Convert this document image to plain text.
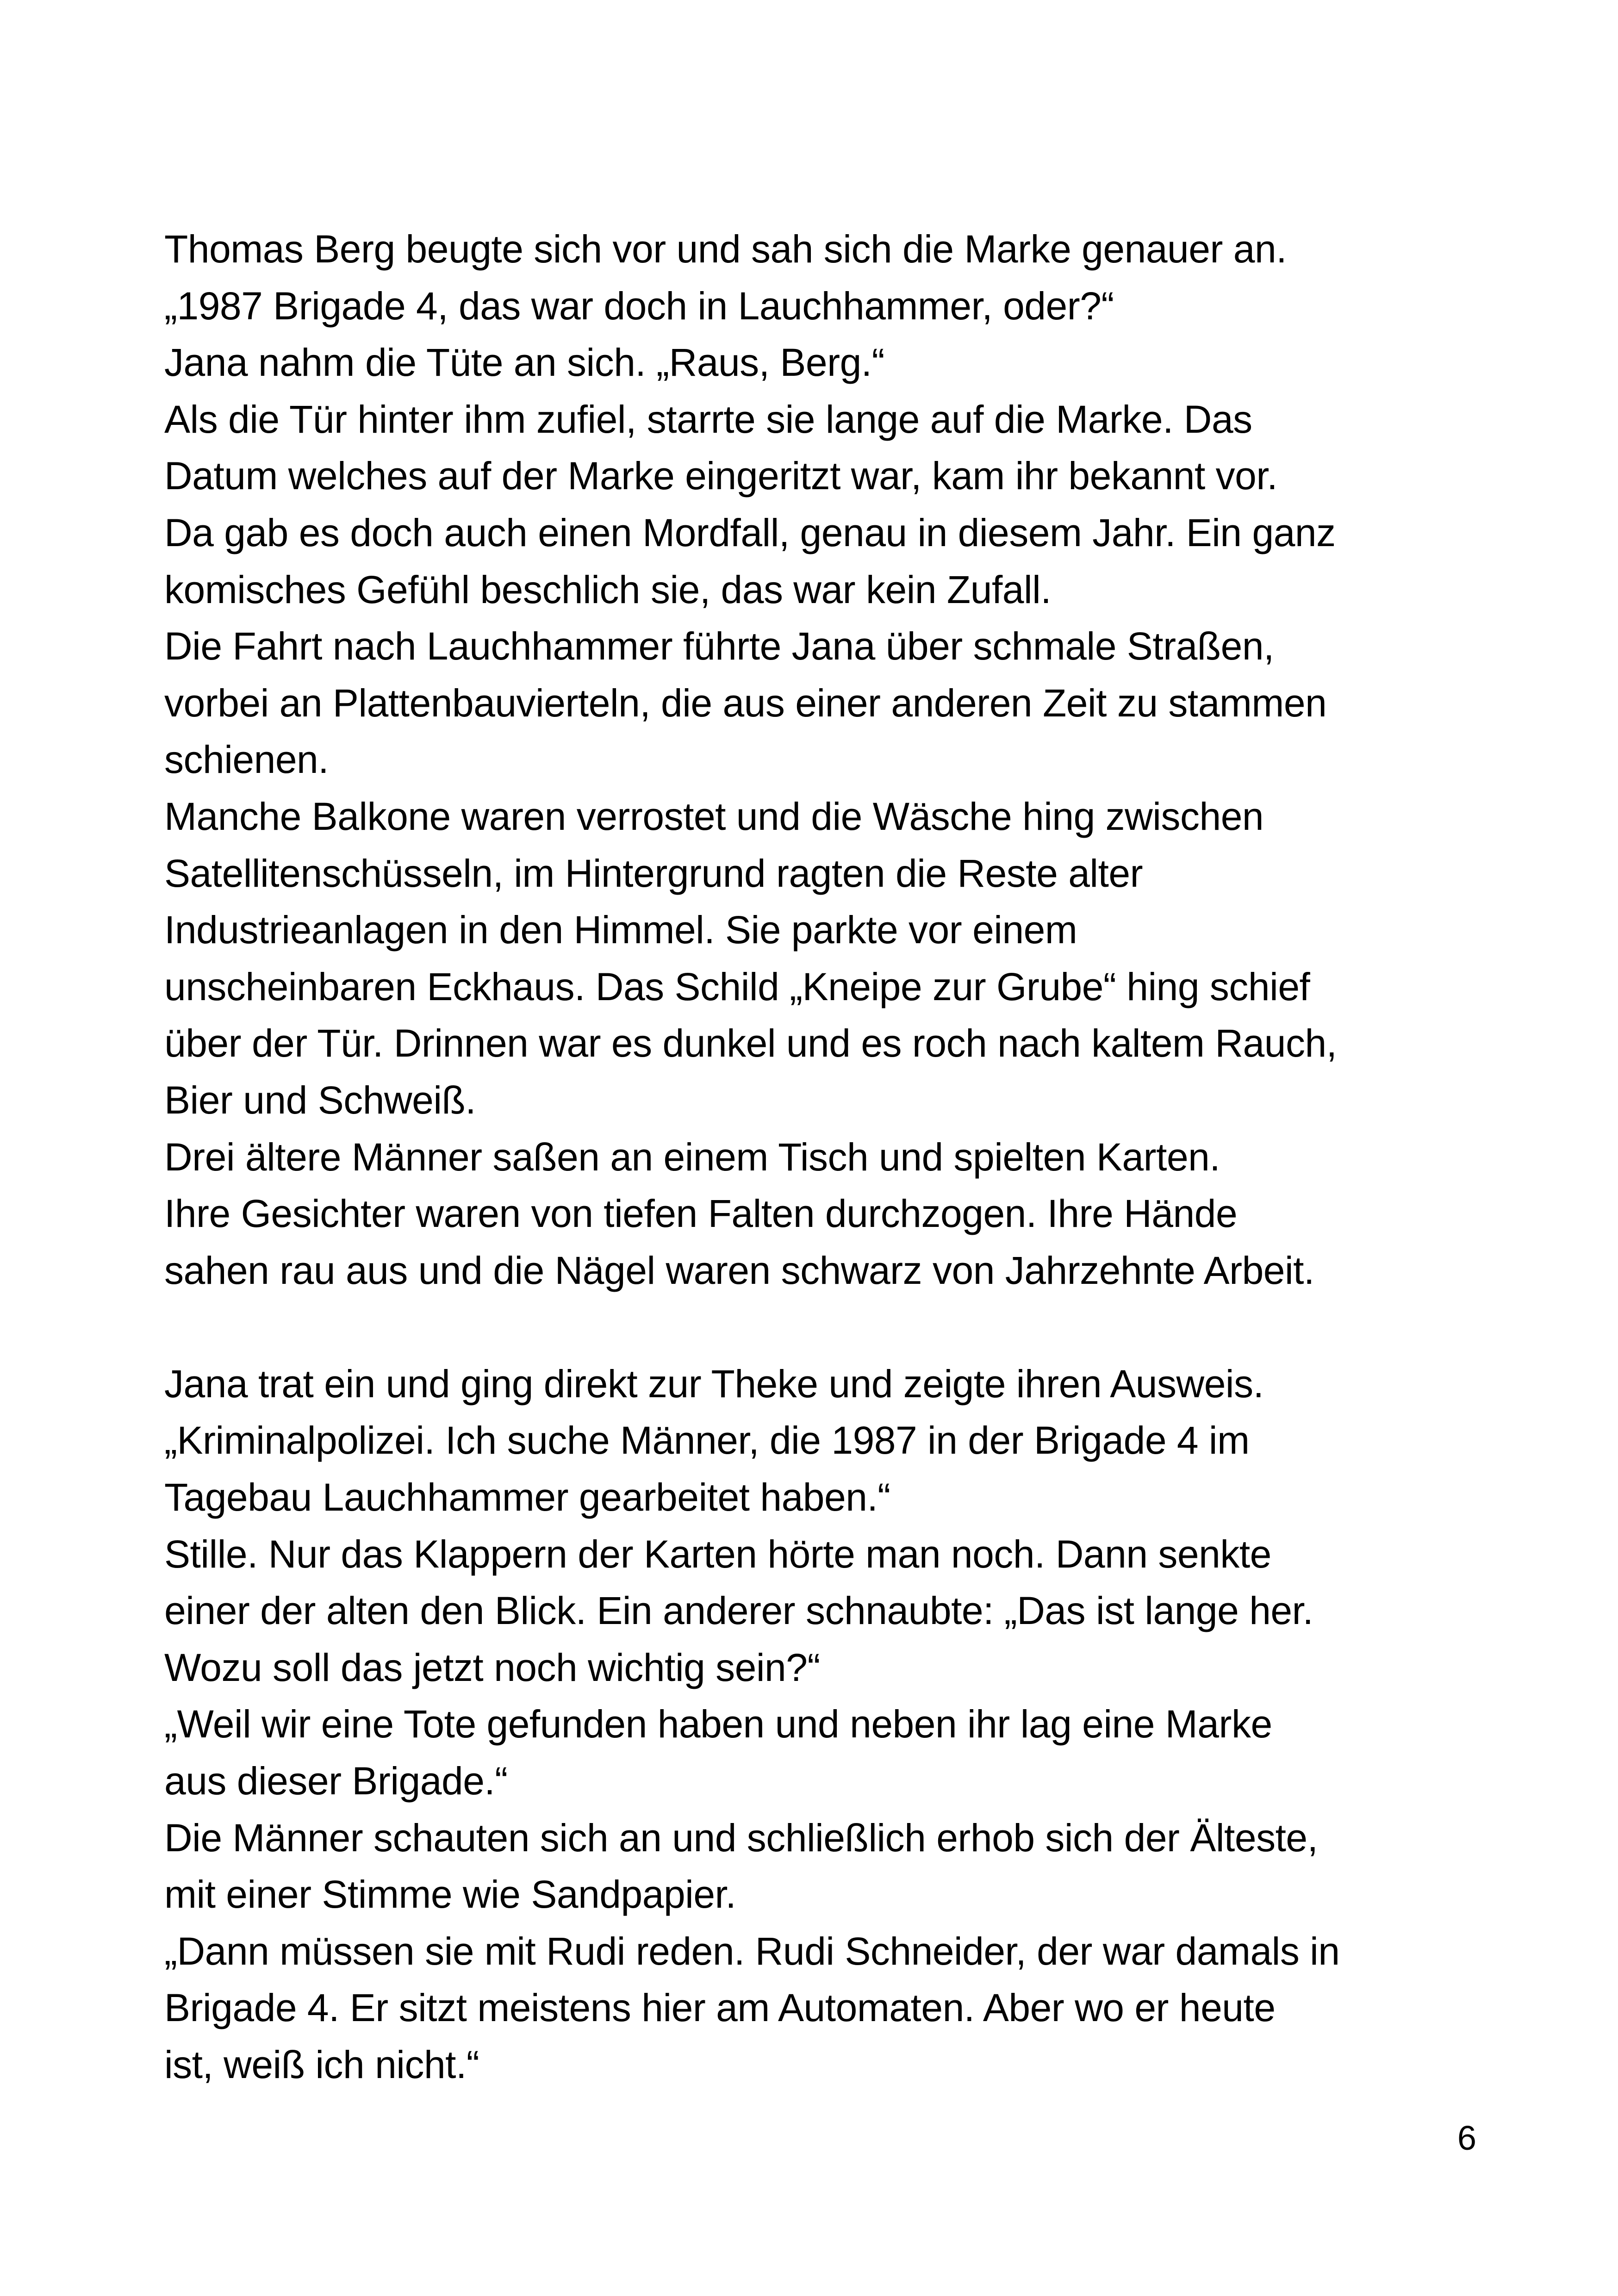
Thomas Berg beugte sich vor und sah sich die Marke genauer an.
„1987 Brigade 4, das war doch in Lauchhammer, oder?“
Jana nahm die Tüte an sich. „Raus, Berg.“
Als die Tür hinter ihm zufiel, starrte sie lange auf die Marke. Das
Datum welches auf der Marke eingeritzt war, kam ihr bekannt vor.
Da gab es doch auch einen Mordfall, genau in diesem Jahr. Ein ganz
komisches Gefühl beschlich sie, das war kein Zufall.
Die Fahrt nach Lauchhammer führte Jana über schmale Straßen,
vorbei an Plattenbauvierteln, die aus einer anderen Zeit zu stammen
schienen.
Manche Balkone waren verrostet und die Wäsche hing zwischen
Satellitenschüsseln, im Hintergrund ragten die Reste alter
Industrieanlagen in den Himmel. Sie parkte vor einem
unscheinbaren Eckhaus. Das Schild „Kneipe zur Grube“ hing schief
über der Tür. Drinnen war es dunkel und es roch nach kaltem Rauch,
Bier und Schweiß.
Drei ältere Männer saßen an einem Tisch und spielten Karten.
Ihre Gesichter waren von tiefen Falten durchzogen. Ihre Hände
sahen rau aus und die Nägel waren schwarz von Jahrzehnte Arbeit.
Jana trat ein und ging direkt zur Theke und zeigte ihren Ausweis.
„Kriminalpolizei. Ich suche Männer, die 1987 in der Brigade 4 im
Tagebau Lauchhammer gearbeitet haben.“
Stille. Nur das Klappern der Karten hörte man noch. Dann senkte
einer der alten den Blick. Ein anderer schnaubte: „Das ist lange her.
Wozu soll das jetzt noch wichtig sein?“
„Weil wir eine Tote gefunden haben und neben ihr lag eine Marke
aus dieser Brigade.“
Die Männer schauten sich an und schließlich erhob sich der Älteste,
mit einer Stimme wie Sandpapier.
„Dann müssen sie mit Rudi reden. Rudi Schneider, der war damals in
Brigade 4. Er sitzt meistens hier am Automaten. Aber wo er heute
ist, weiß ich nicht.“
6
